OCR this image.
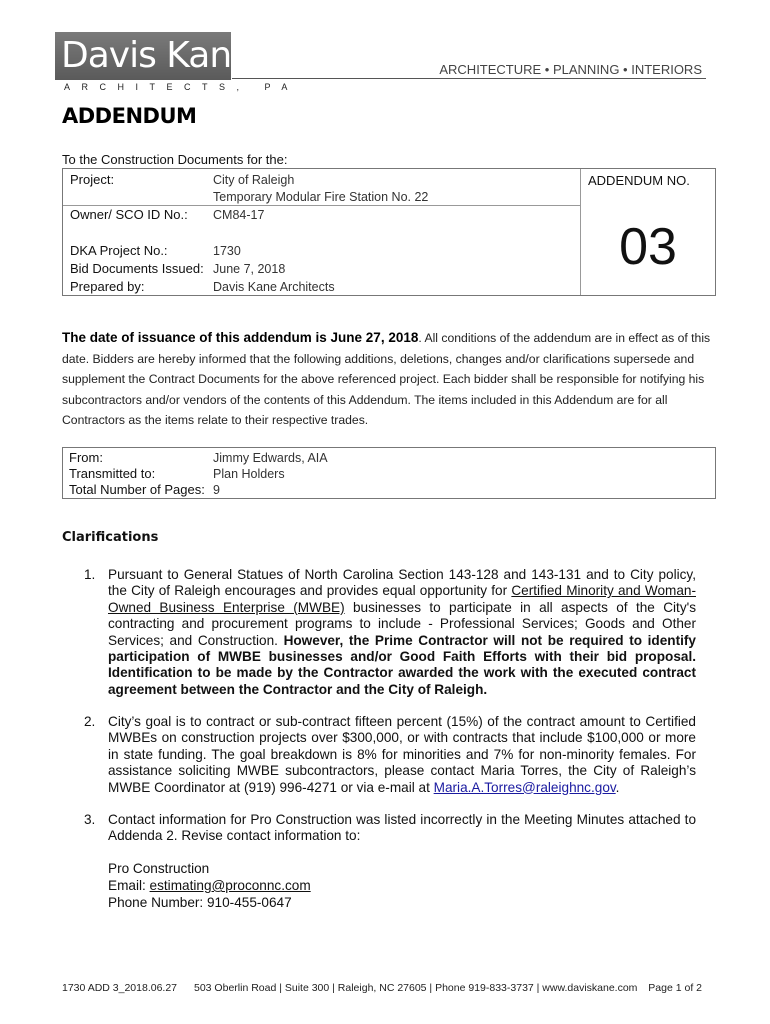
Davis Kane
ARCHITECTS, PA
ARCHITECTURE • PLANNING • INTERIORS
ADDENDUM
To the Construction Documents for the:
Project:	City of Raleigh
Temporary Modular Fire Station No. 22
Owner/ SCO ID No.: CM84-17
DKA Project No.:	1730
Bid Documents Issued: June 7, 2018
Prepared by:	Davis Kane Architects
ADDENDUM NO.
03
The date of issuance of this addendum is June 27, 2018. All conditions of the addendum are in effect as of this date. Bidders are hereby informed that the following additions, deletions, changes and/or clarifications supersede and supplement the Contract Documents for the above referenced project. Each bidder shall be responsible for notifying his subcontractors and/or vendors of the contents of this Addendum. The items included in this Addendum are for all Contractors as the items relate to their respective trades.
From:	Jimmy Edwards, AIA
Transmitted to:	Plan Holders
Total Number of Pages: 9
Clarifications
1. Pursuant to General Statues of North Carolina Section 143-128 and 143-131 and to City policy, the City of Raleigh encourages and provides equal opportunity for Certified Minority and Woman-Owned Business Enterprise (MWBE) businesses to participate in all aspects of the City's contracting and procurement programs to include - Professional Services; Goods and Other Services; and Construction. However, the Prime Contractor will not be required to identify participation of MWBE businesses and/or Good Faith Efforts with their bid proposal. Identification to be made by the Contractor awarded the work with the executed contract agreement between the Contractor and the City of Raleigh.
2. City’s goal is to contract or sub-contract fifteen percent (15%) of the contract amount to Certified MWBEs on construction projects over $300,000, or with contracts that include $100,000 or more in state funding. The goal breakdown is 8% for minorities and 7% for non-minority females. For assistance soliciting MWBE subcontractors, please contact Maria Torres, the City of Raleigh’s MWBE Coordinator at (919) 996-4271 or via e-mail at Maria.A.Torres@raleighnc.gov.
3. Contact information for Pro Construction was listed incorrectly in the Meeting Minutes attached to Addenda 2. Revise contact information to:
Pro Construction
Email: estimating@proconnc.com
Phone Number: 910-455-0647
1730 ADD 3_2018.06.27 503 Oberlin Road | Suite 300 | Raleigh, NC 27605 | Phone 919-833-3737 | www.daviskane.com Page 1 of 2
